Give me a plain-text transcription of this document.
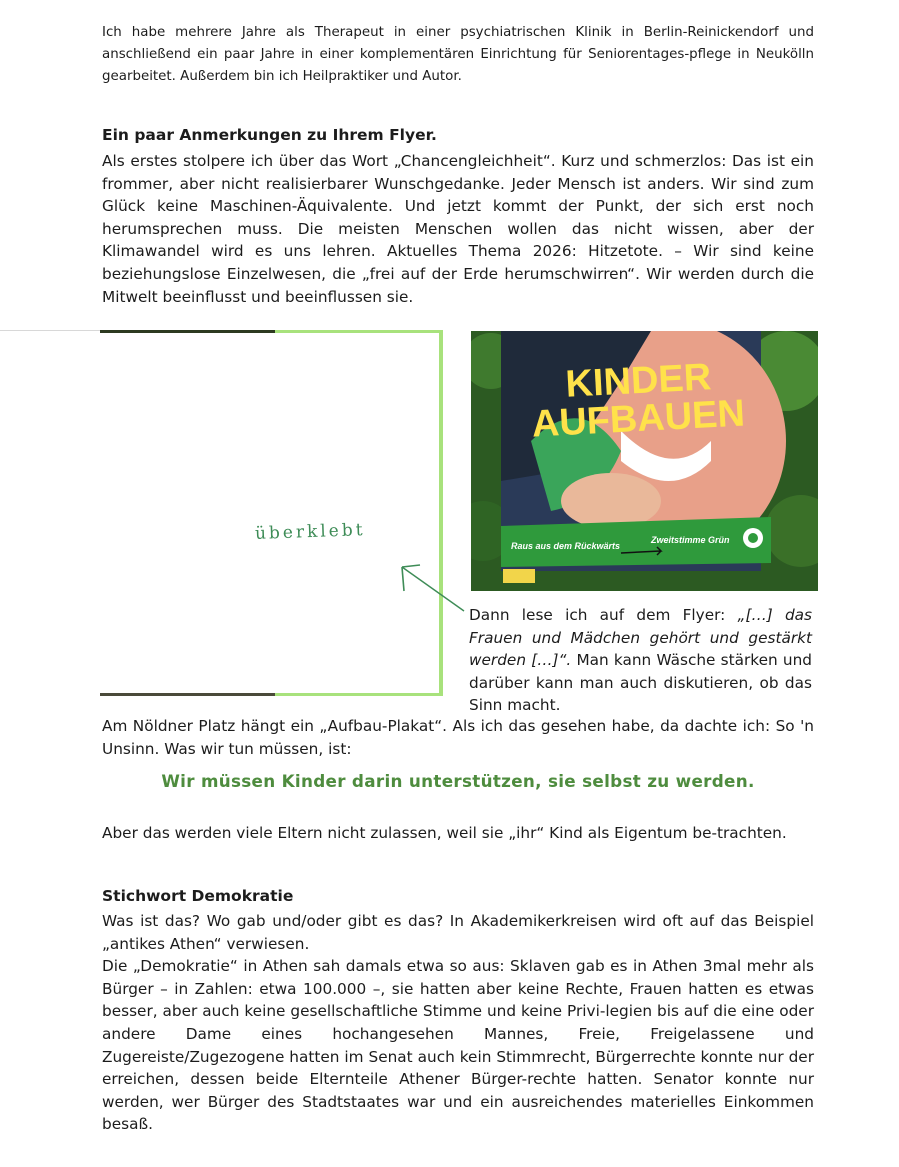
Ich habe mehrere Jahre als Therapeut in einer psychiatrischen Klinik in Berlin-Reinickendorf und anschließend ein paar Jahre in einer komplementären Einrichtung für Seniorentages-pflege in Neukölln gearbeitet. Außerdem bin ich Heilpraktiker und Autor.
Ein paar Anmerkungen zu Ihrem Flyer.
Als erstes stolpere ich über das Wort „Chancengleichheit“. Kurz und schmerzlos: Das ist ein frommer, aber nicht realisierbarer Wunschgedanke. Jeder Mensch ist anders. Wir sind zum Glück keine Maschinen-Äquivalente. Und jetzt kommt der Punkt, der sich erst noch herumsprechen muss. Die meisten Menschen wollen das nicht wissen, aber der Klimawandel wird es uns lehren. Aktuelles Thema 2026: Hitzetote. – Wir sind keine beziehungslose Einzelwesen, die „frei auf der Erde herumschwirren“. Wir werden durch die Mitwelt beeinflusst und beeinflussen sie.
überklebt
KINDER
AUFBAUEN
Raus aus dem Rückwärts
Zweitstimme Grün
Dann lese ich auf dem Flyer: „[…] das Frauen und Mädchen gehört und gestärkt werden […]“. Man kann Wäsche stärken und darüber kann man auch diskutieren, ob das Sinn macht.
Am Nöldner Platz hängt ein „Aufbau-Plakat“. Als ich das gesehen habe, da dachte ich: So 'n Unsinn. Was wir tun müssen, ist:
Wir müssen Kinder darin unterstützen, sie selbst zu werden.
Aber das werden viele Eltern nicht zulassen, weil sie „ihr“ Kind als Eigentum be-trachten.
Stichwort Demokratie
Was ist das? Wo gab und/oder gibt es das? In Akademikerkreisen wird oft auf das Beispiel „antikes Athen“ verwiesen.
Die „Demokratie“ in Athen sah damals etwa so aus: Sklaven gab es in Athen 3mal mehr als Bürger – in Zahlen: etwa 100.000 –, sie hatten aber keine Rechte, Frauen hatten es etwas besser, aber auch keine gesellschaftliche Stimme und keine Privi-legien bis auf die eine oder andere Dame eines hochangesehen Mannes, Freie, Freigelassene und Zugereiste/Zugezogene hatten im Senat auch kein Stimmrecht, Bürgerrechte konnte nur der erreichen, dessen beide Elternteile Athener Bürger-rechte hatten. Senator konnte nur werden, wer Bürger des Stadtstaates war und ein ausreichendes materielles Einkommen besaß.
